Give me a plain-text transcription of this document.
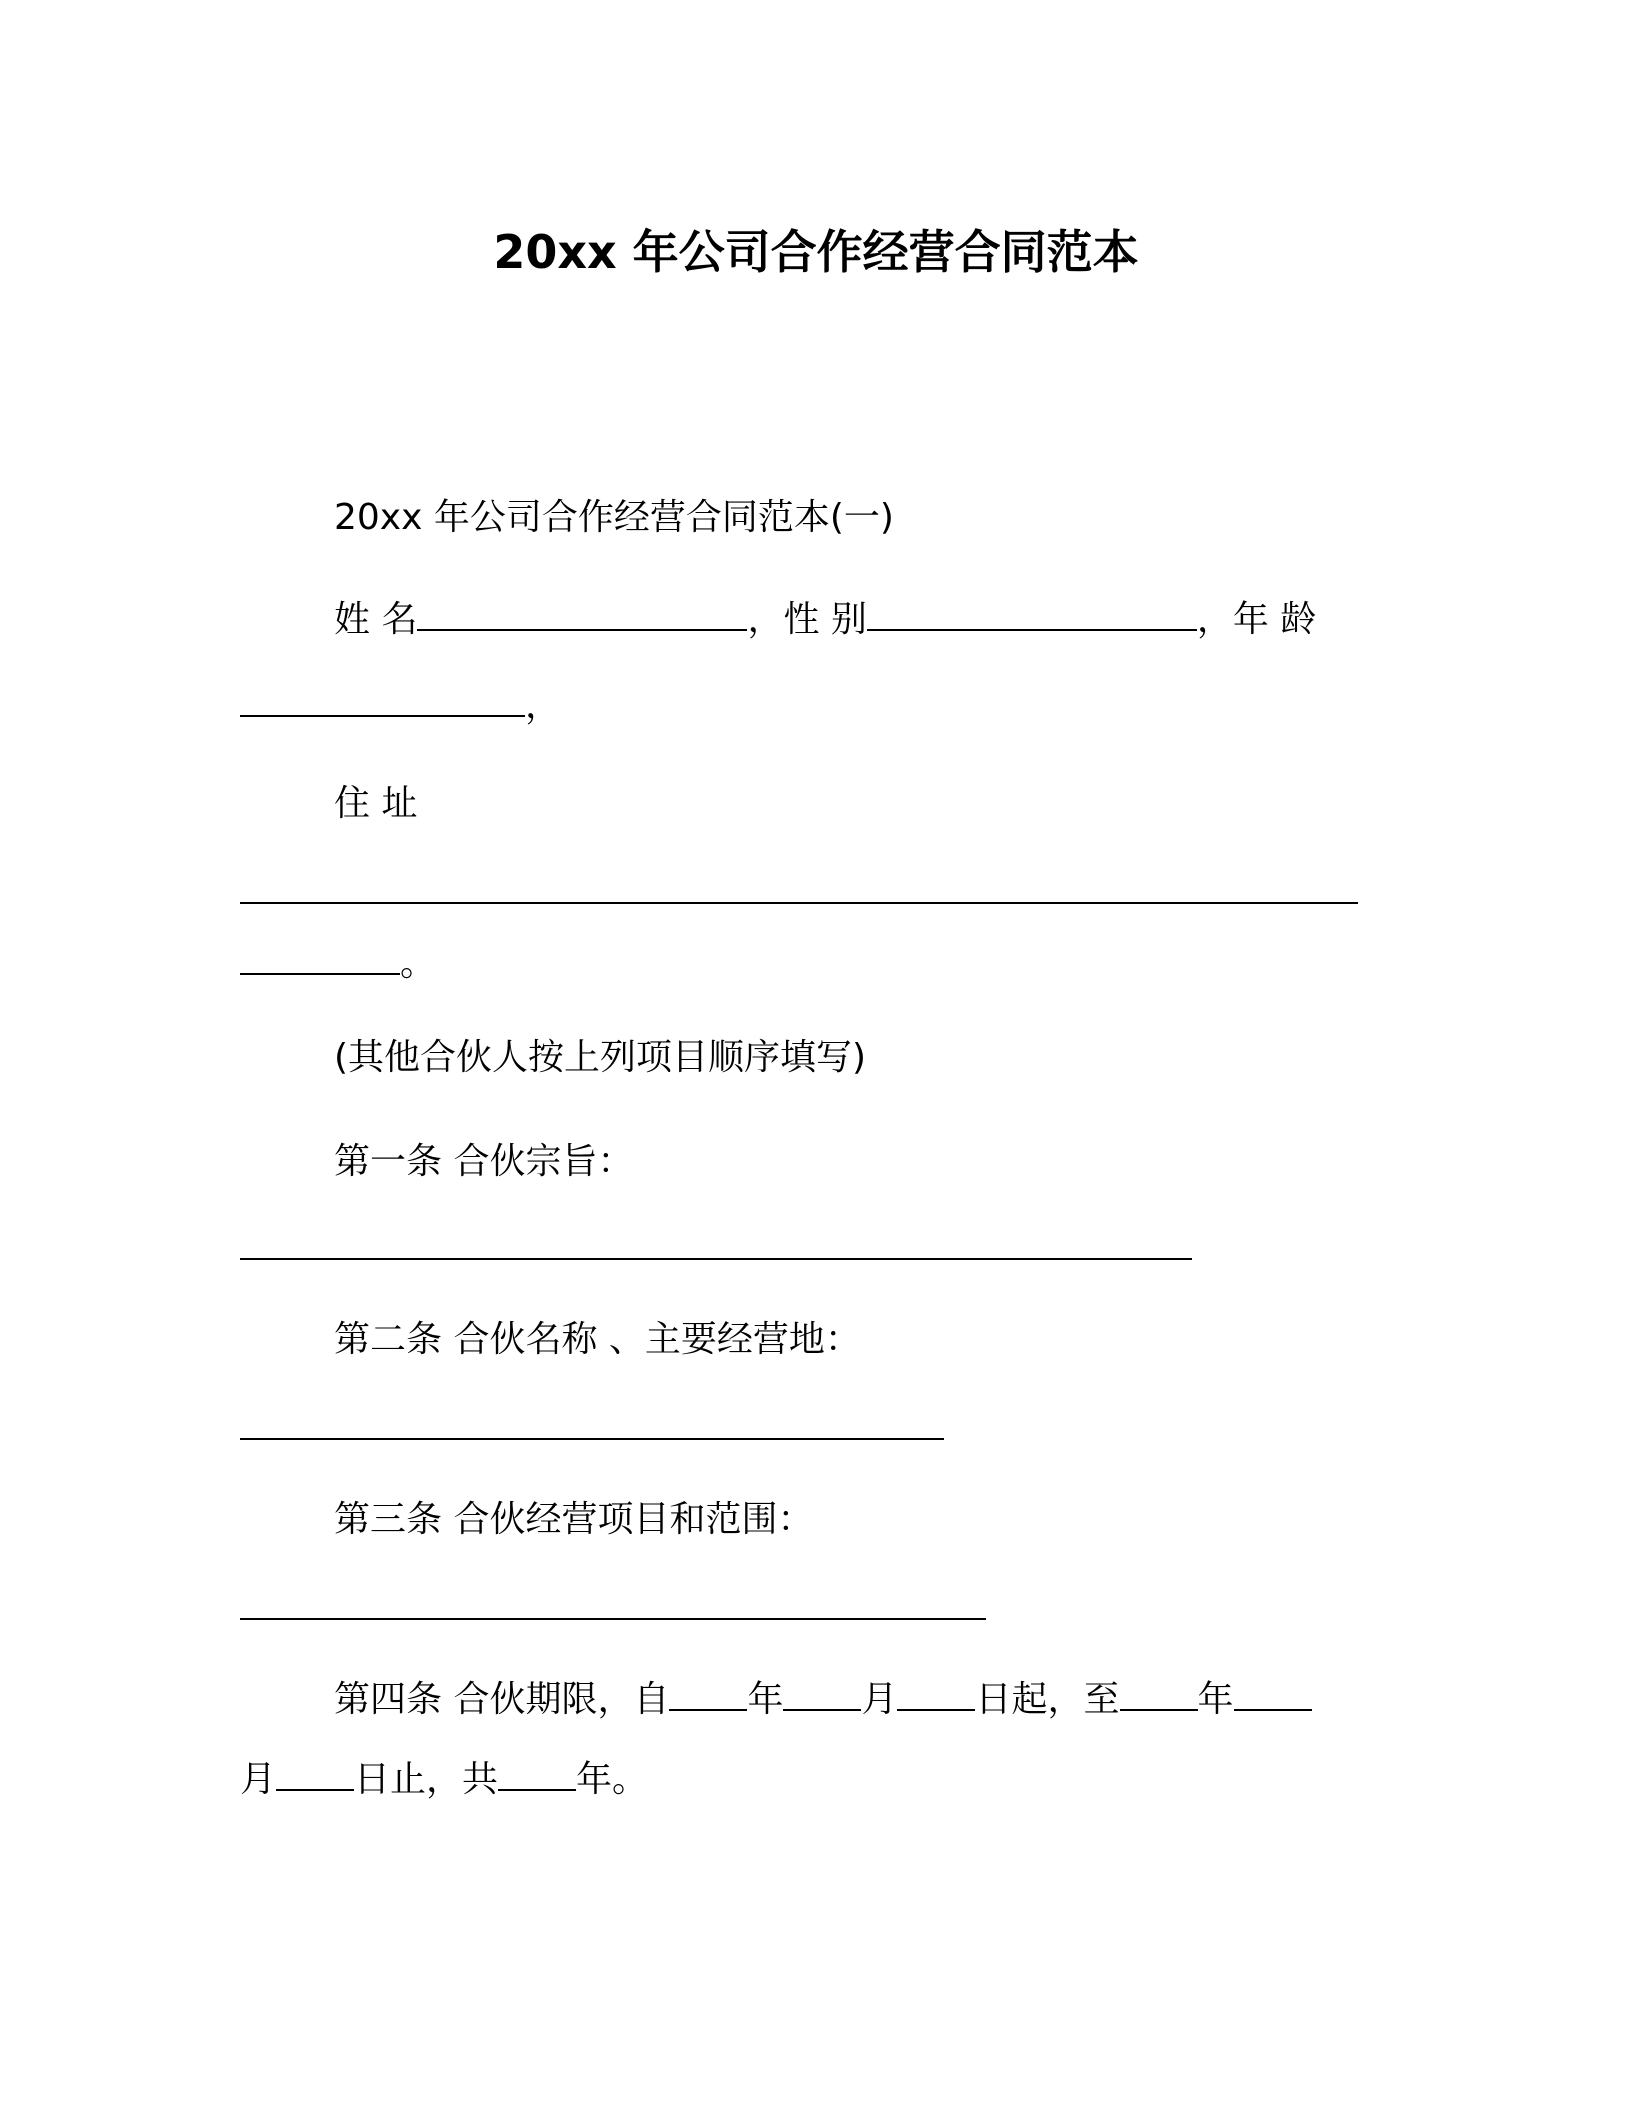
20xx 年公司合作经营合同范本
20xx 年公司合作经营合同范本(一)
姓 名	，性 别	，年 龄
，
住 址
。
(其他合伙人按上列项目顺序填写)
第一条 合伙宗旨：
第二条 合伙名称 、主要经营地：
第三条 合伙经营项目和范围：
第四条 合伙期限，自 年 月 日起，至 年
月 日止，共 年。
